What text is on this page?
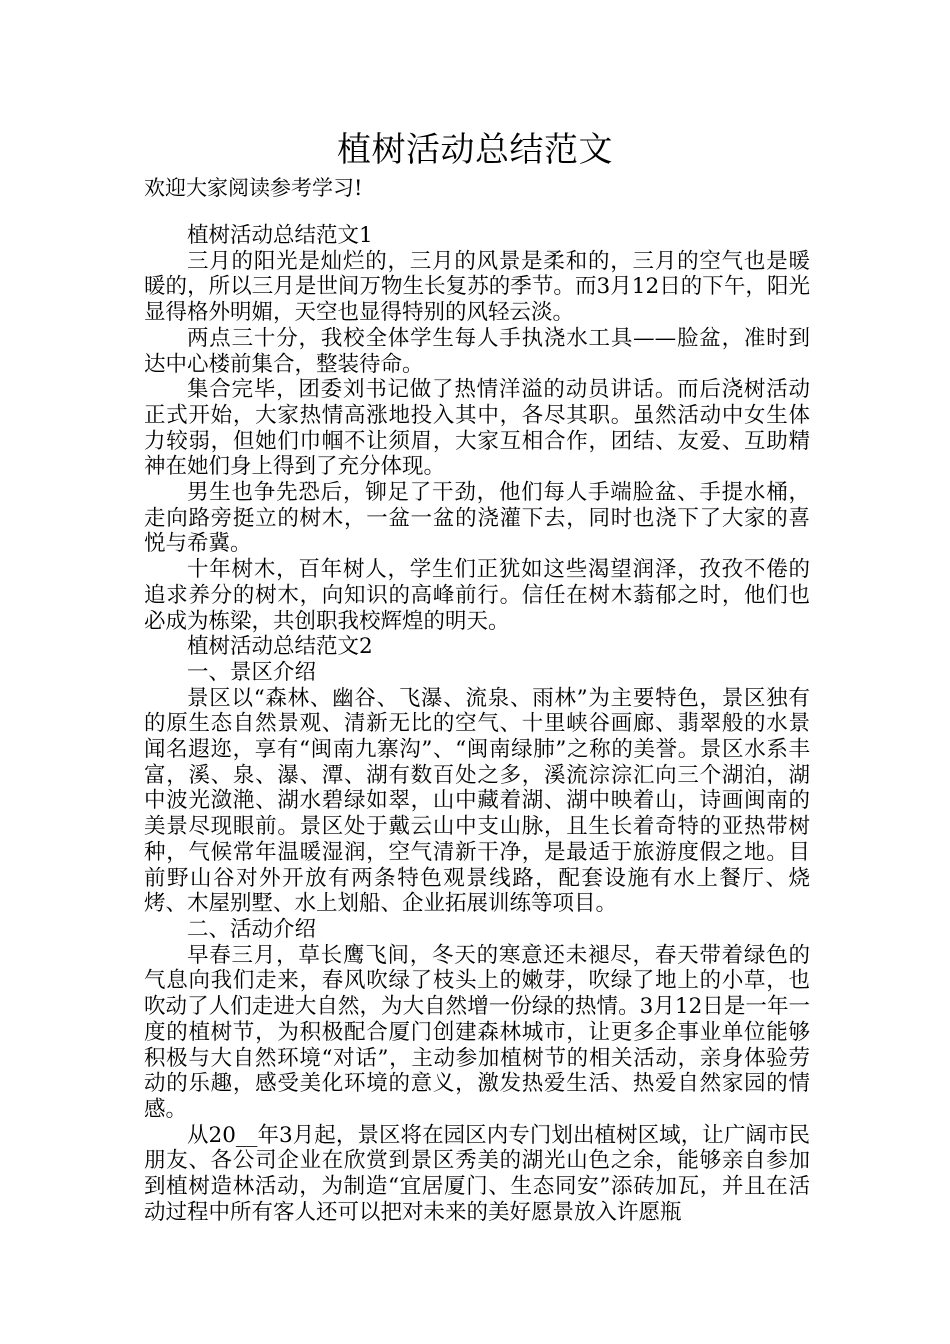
植树活动总结范文
欢迎大家阅读参考学习!

植树活动总结范文1

三月的阳光是灿烂的，三月的风景是柔和的，三月的空气也是暖暖的，所以三月是世间万物生长复苏的季节。而3月12日的下午，阳光显得格外明媚，天空也显得特别的风轻云淡。

两点三十分，我校全体学生每人手执浇水工具——脸盆，准时到达中心楼前集合，整装待命。

集合完毕，团委刘书记做了热情洋溢的动员讲话。而后浇树活动正式开始，大家热情高涨地投入其中，各尽其职。虽然活动中女生体力较弱，但她们巾帼不让须眉，大家互相合作，团结、友爱、互助精神在她们身上得到了充分体现。

男生也争先恐后，铆足了干劲，他们每人手端脸盆、手提水桶，走向路旁挺立的树木，一盆一盆的浇灌下去，同时也浇下了大家的喜悦与希冀。

十年树木，百年树人，学生们正犹如这些渴望润泽，孜孜不倦的追求养分的树木，向知识的高峰前行。信任在树木蓊郁之时，他们也必成为栋梁，共创职我校辉煌的明天。

植树活动总结范文2

一、景区介绍

景区以“森林、幽谷、飞瀑、流泉、雨林”为主要特色，景区独有的原生态自然景观、清新无比的空气、十里峡谷画廊、翡翠般的水景闻名遐迩，享有“闽南九寨沟”、“闽南绿肺”之称的美誉。景区水系丰富，溪、泉、瀑、潭、湖有数百处之多，溪流淙淙汇向三个湖泊，湖中波光潋滟、湖水碧绿如翠，山中藏着湖、湖中映着山，诗画闽南的美景尽现眼前。景区处于戴云山中支山脉，且生长着奇特的亚热带树种，气候常年温暖湿润，空气清新干净，是最适于旅游度假之地。目前野山谷对外开放有两条特色观景线路，配套设施有水上餐厅、烧烤、木屋别墅、水上划船、企业拓展训练等项目。

二、活动介绍

早春三月，草长鹰飞间，冬天的寒意还未褪尽，春天带着绿色的气息向我们走来，春风吹绿了枝头上的嫩芽，吹绿了地上的小草，也吹动了人们走进大自然，为大自然增一份绿的热情。3月12日是一年一度的植树节，为积极配合厦门创建森林城市，让更多企事业单位能够积极与大自然环境“对话”，主动参加植树节的相关活动，亲身体验劳动的乐趣，感受美化环境的意义，激发热爱生活、热爱自然家园的情感。

从20__年3月起，景区将在园区内专门划出植树区域，让广阔市民朋友、各公司企业在欣赏到景区秀美的湖光山色之余，能够亲自参加到植树造林活动，为制造“宜居厦门、生态同安”添砖加瓦，并且在活动过程中所有客人还可以把对未来的美好愿景放入许愿瓶
